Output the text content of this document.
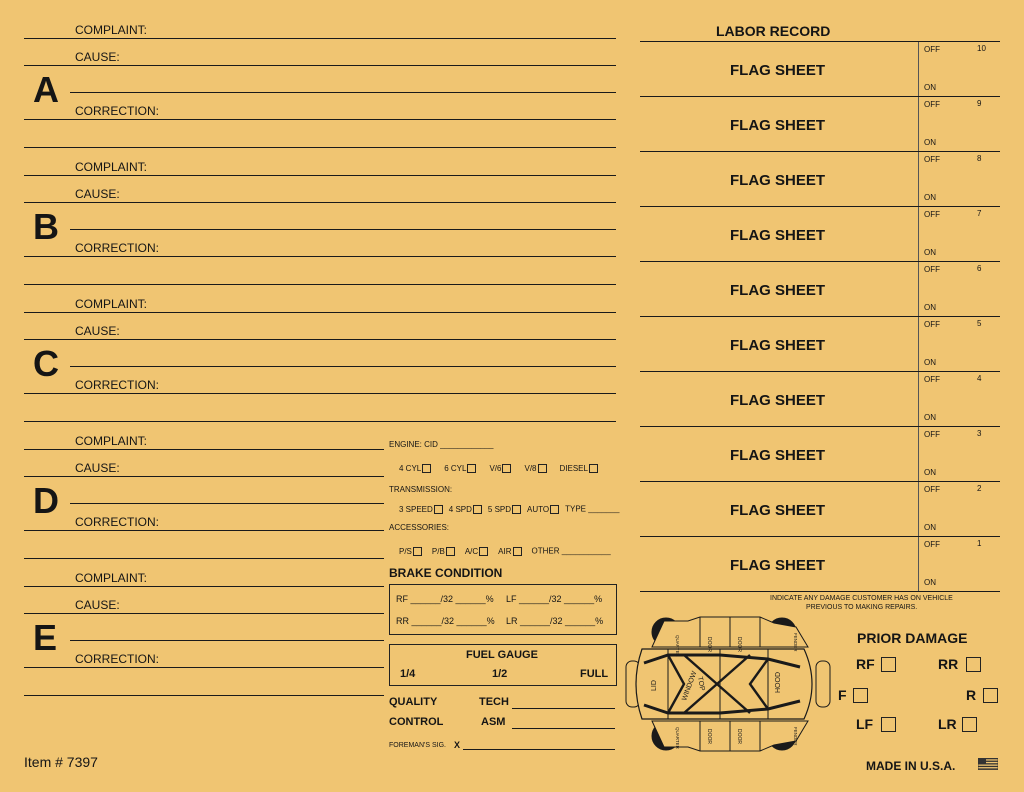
COMPLAINT:
CAUSE:
A
CORRECTION:
COMPLAINT:
CAUSE:
B
CORRECTION:
COMPLAINT:
CAUSE:
C
CORRECTION:
COMPLAINT:
CAUSE:
D
CORRECTION:
COMPLAINT:
CAUSE:
E
CORRECTION:
Item # 7397
ENGINE: CID ____________
4 CYL	6 CYL	V/6	V/8	DIESEL
TRANSMISSION:
3 SPEED 4 SPD 5 SPD AUTO TYPE _______
ACCESSORIES:
P/S	P/B	A/C	AIR	OTHER ___________
BRAKE CONDITION
RF ______/32 ______% LF ______/32 ______%
RR ______/32 ______% LR ______/32 ______%
FUEL GAUGE
1/4	1/2	FULL
QUALITY
CONTROL
TECH
ASM
FOREMAN'S SIG. X
LABOR RECORD
FLAG SHEET
OFF	10
ON
FLAG SHEET
OFF	9
ON
FLAG SHEET
OFF	8
ON
FLAG SHEET
OFF	7
ON
FLAG SHEET
OFF	6
ON
FLAG SHEET
OFF	5
ON
FLAG SHEET
OFF	4
ON
FLAG SHEET
OFF	3
ON
FLAG SHEET
OFF	2
ON
FLAG SHEET
OFF	1
ON
INDICATE ANY DAMAGE CUSTOMER HAS ON VEHICLE
PREVIOUS TO MAKING REPAIRS.
LID	WINDOW
TOP	HOOD
DOOR	DOOR
DOOR	DOOR
FENDER
FENDER
QUARTER
QUARTER
PRIOR DAMAGE
RF	RR
F	R
LF	LR
MADE IN U.S.A.
